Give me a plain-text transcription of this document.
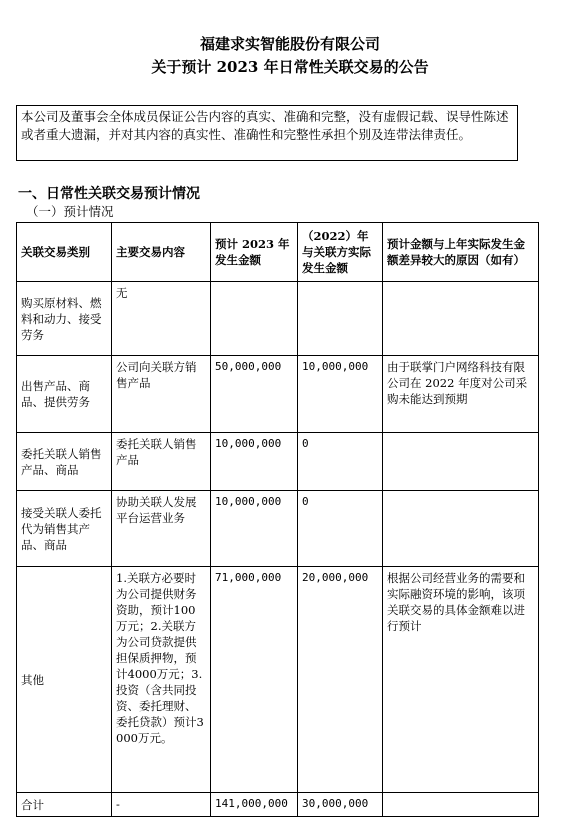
福建求实智能股份有限公司
关于预计 2023 年日常性关联交易的公告
本公司及董事会全体成员保证公告内容的真实、准确和完整，没有虚假记载、误导性陈述或者重大遗漏，并对其内容的真实性、准确性和完整性承担个别及连带法律责任。
一、日常性关联交易预计情况
（一）预计情况
关联交易类别	主要交易内容	预计 2023 年发生金额	（2022）年与关联方实际发生金额	预计金额与上年实际发生金额差异较大的原因（如有）
购买原材料、燃料和动力、接受劳务	无			
出售产品、商品、提供劳务	公司向关联方销售产品	50,000,000	10,000,000	由于联掌门户网络科技有限公司在 2022 年度对公司采购未能达到预期
委托关联人销售产品、商品	委托关联人销售产品	10,000,000	0	
接受关联人委托代为销售其产品、商品	协助关联人发展平台运营业务	10,000,000	0	
其他	1.关联方必要时为公司提供财务资助，预计100万元；2.关联方为公司贷款提供担保质押物，预计4000万元；3.投资（含共同投资、委托理财、委托贷款）预计3000万元。	71,000,000	20,000,000	根据公司经营业务的需要和实际融资环境的影响，该项关联交易的具体金额难以进行预计
合计	-	141,000,000	30,000,000	
